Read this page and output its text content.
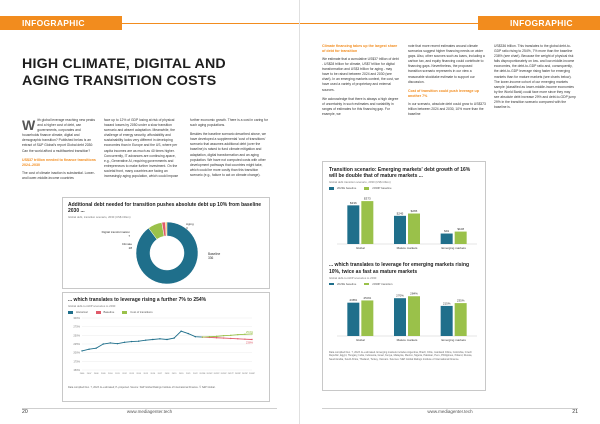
INFOGRAPHIC
HIGH CLIMATE, DIGITAL AND AGING TRANSITION COSTS

With global leverage reaching new peaks and a higher cost of debt, can governments, corporates and households finance climate, digital and demographic transition? Published below is an extract of S&P Global's report Global debt 2030: Can the world afford a multifaceted transition?

US$37 trillion needed to finance transitions 2024–2030

The cost of climate inaction is substantial. Lower- and lower-middle-income countries

face up to 12% of GDP losing at risk of physical hazard losses by 2050 under a slow transition scenario and absent adaptation. Meanwhile, the challenge of energy security, affordability and sustainability looks very different in developing economies than in Europe and the US, where per capita incomes are as much as 40 times higher. Concurrently, IT advances are continuing apace, e.g., Generative AI, requiring governments and entrepreneurs to make further investment. On the societal front, many countries are facing an increasingly aging population, which could impose

further economic growth. There is a cost in caring for such aging populations.

Besides the baseline scenario described above, we have developed a supplemental 'cost of transitions' scenario that assumes additional debt (over the baseline) is raised to fund climate mitigation and adaptation, digital transformation and an aging population. We have not computed costs with other development pathways that countries might take, which could be more costly than this transition scenario (e.g., failure to act on climate change).

Additional debt needed for transition pushes absolute debt up 10% from baseline 2030 ...
Global debt, transition scenario, 2030 (US$ trillion)
Baseline
336
Digital transformation
7
Climate
28
Aging
3
... which translates to leverage rising a further 7% to 254%
Global debt-to-GDP scenarios to 2030
Historical	Baseline	Cost of transitions
150%
175%
200%
225%
250%
275%
300%
2006	2007	2008	2009	2010	2011	2012	2013	2014	2015	2016	2017	2018	2019	2020	2021	2022 2023E 2024P 2025P 2026P 2027P 2028P 2029P 2030P
254%
238%
Data compiled Dec. 7, 2023. E–estimated; P–projected. Source: S&P Global Ratings Institute of International Finance. © S&P Global.
20	www.mediagenter.tech
INFOGRAPHIC

Climate financing takes up the largest share of debt for transition

We estimate that a cumulative US$37 trillion of debt - US$28 trillion for climate, US$7 trillion for digital transformation and US$3 trillion for aging - may have to be raised between 2024 and 2030 (see chart). In an emerging markets context, the cost, we have used a variety of proprietary and external sources.

We acknowledge that there is always a high degree of uncertainty in such estimates and variability in ranges of estimates for this financing gap. For example, we

note that more recent estimates around climate scenarios suggest higher financing needs on wider gaps. Also, other sources such as loans, including a carbon tax, and equity financing could contribute to financing gaps. Nevertheless, the proposed transition scenario represents in our view a reasonable stocktake estimate to support our discussion.

Cost of transition could push leverage up another 7%

In our scenario, absolute debt could grow to US$373 trillion between 2024 and 2030, 10% more than the baseline

US$336 trillion. This translates to the global debt-to-GDP ratio rising to 254%, 7% more than the baseline 238% (see chart). Because the weight of physical risk falls disproportionately on low- and low-middle-income economies, the debt-to-GDP ratio and, consequently, the debt-to-GDP leverage rising faster for emerging markets than for mature markets (see charts below). The lower-income cohort of our emerging markets sample (classified as lower-middle-income economies by the World Bank) could face more since they may see absolute debt increase 29% and debt-to-GDP jump 29% in the transition scenario compared with the baseline is.

Transition scenario: Emerging markets' debt growth of 16% will be double that of mature markets ...
Global debt transition scenario, 2030 (US$ trillion)
2023E baseline	2030P baseline
$336
$373
Global
$245
$265
Mature markets
$91	$108
Emerging markets
... which translates to leverage for emerging markets rising 10%, twice as fast as mature markets
Global debt-to-GDP scenarios to 2030
2023E baseline	2030P transition
238%
254%
Global
270% 284%
Mature markets
215%
235%
Emerging markets
Data compiled Dec. 7, 2023. E–estimated. Emerging markets includes Argentina, Brazil, Chile, mainland China, Colombia, Czech Republic, Egypt, Hungary, India, Indonesia, Israel, Kenya, Malaysia, Mexico, Nigeria, Pakistan, Peru, Philippines, Poland, Russia, Saudi Arabia, South Africa, Thailand, Turkey, Vietnam. Sources: S&P Global Ratings Institute of International Finance.
www.mediagenter.tech	21
